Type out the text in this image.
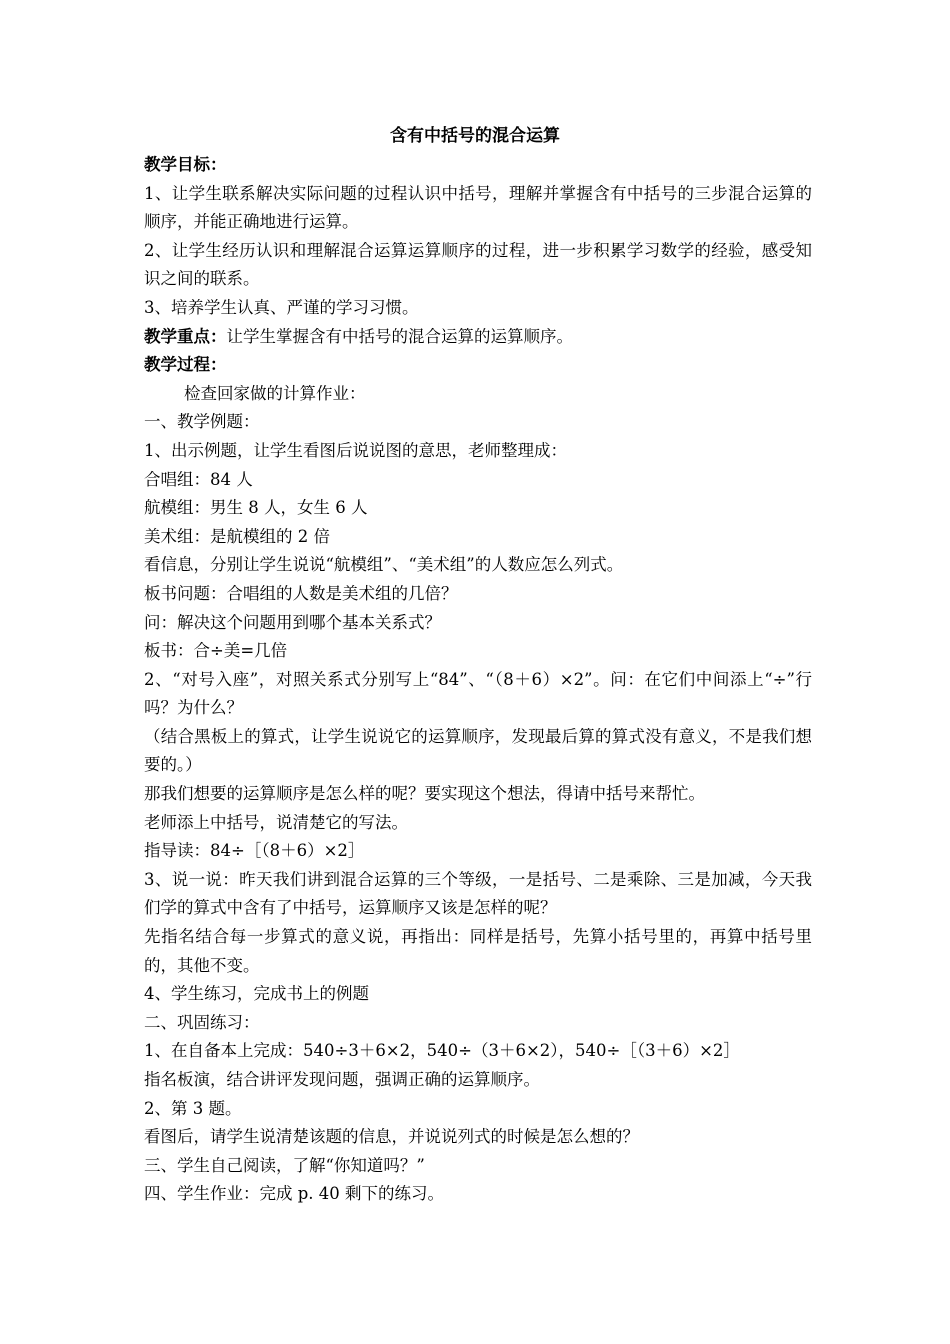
含有中括号的混合运算

教学目标：

1、让学生联系解决实际问题的过程认识中括号，理解并掌握含有中括号的三步混合运算的顺序，并能正确地进行运算。

2、让学生经历认识和理解混合运算运算顺序的过程，进一步积累学习数学的经验，感受知识之间的联系。

3、培养学生认真、严谨的学习习惯。

教学重点：让学生掌握含有中括号的混合运算的运算顺序。

教学过程：

检查回家做的计算作业：

一、教学例题：

1、出示例题，让学生看图后说说图的意思，老师整理成：

合唱组：84 人

航模组：男生 8 人，女生 6 人

美术组：是航模组的 2 倍

看信息，分别让学生说说“航模组”、“美术组”的人数应怎么列式。

板书问题：合唱组的人数是美术组的几倍？

问：解决这个问题用到哪个基本关系式？

板书：合÷美=几倍

2、“对号入座”，对照关系式分别写上“84”、“（8＋6）×2”。问：在它们中间添上“÷”行吗？为什么？

（结合黑板上的算式，让学生说说它的运算顺序，发现最后算的算式没有意义，不是我们想要的。）

那我们想要的运算顺序是怎么样的呢？要实现这个想法，得请中括号来帮忙。

老师添上中括号，说清楚它的写法。

指导读：84÷［（8＋6）×2］

3、说一说：昨天我们讲到混合运算的三个等级，一是括号、二是乘除、三是加减，今天我们学的算式中含有了中括号，运算顺序又该是怎样的呢？

先指名结合每一步算式的意义说，再指出：同样是括号，先算小括号里的，再算中括号里的，其他不变。

4、学生练习，完成书上的例题

二、巩固练习：

1、在自备本上完成：540÷3＋6×2，540÷（3＋6×2），540÷［（3＋6）×2］

指名板演，结合讲评发现问题，强调正确的运算顺序。

2、第 3 题。

看图后，请学生说清楚该题的信息，并说说列式的时候是怎么想的？

三、学生自己阅读，了解“你知道吗？”

四、学生作业：完成 p. 40 剩下的练习。
